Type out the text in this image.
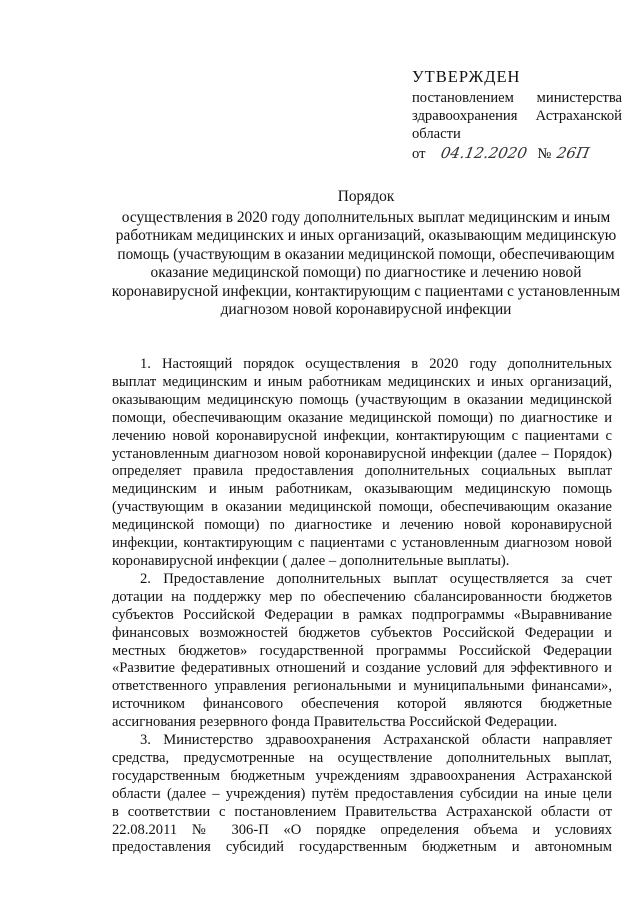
УТВЕРЖДЕН
постановлением министерства
здравоохранения Астраханской
области
от 04.12.2020 № 26П
Порядок
осуществления в 2020 году дополнительных выплат медицинским и иным
работникам медицинских и иных организаций, оказывающим медицинскую
помощь (участвующим в оказании медицинской помощи, обеспечивающим
оказание медицинской помощи) по диагностике и лечению новой
коронавирусной инфекции, контактирующим с пациентами с установленным
диагнозом новой коронавирусной инфекции
1. Настоящий порядок осуществления в 2020 году дополнительных
выплат медицинским и иным работникам медицинских и иных организаций,
оказывающим медицинскую помощь (участвующим в оказании медицинской
помощи, обеспечивающим оказание медицинской помощи) по диагностике и
лечению новой коронавирусной инфекции, контактирующим с пациентами с
установленным диагнозом новой коронавирусной инфекции (далее – Порядок)
определяет правила предоставления дополнительных социальных выплат
медицинским и иным работникам, оказывающим медицинскую помощь
(участвующим в оказании медицинской помощи, обеспечивающим оказание
медицинской помощи) по диагностике и лечению новой коронавирусной
инфекции, контактирующим с пациентами с установленным диагнозом новой
коронавирусной инфекции ( далее – дополнительные выплаты).
2. Предоставление дополнительных выплат осуществляется за счет
дотации на поддержку мер по обеспечению сбалансированности бюджетов
субъектов Российской Федерации в рамках подпрограммы «Выравнивание
финансовых возможностей бюджетов субъектов Российской Федерации и
местных бюджетов» государственной программы Российской Федерации
«Развитие федеративных отношений и создание условий для эффективного и
ответственного управления региональными и муниципальными финансами»,
источником финансового обеспечения которой являются бюджетные
ассигнования резервного фонда Правительства Российской Федерации.
3. Министерство здравоохранения Астраханской области направляет
средства, предусмотренные на осуществление дополнительных выплат,
государственным бюджетным учреждениям здравоохранения Астраханской
области (далее – учреждения) путём предоставления субсидии на иные цели
в соответствии с постановлением Правительства Астраханской области от
22.08.2011 № 306-П «О порядке определения объема и условиях
предоставления субсидий государственным бюджетным и автономным
